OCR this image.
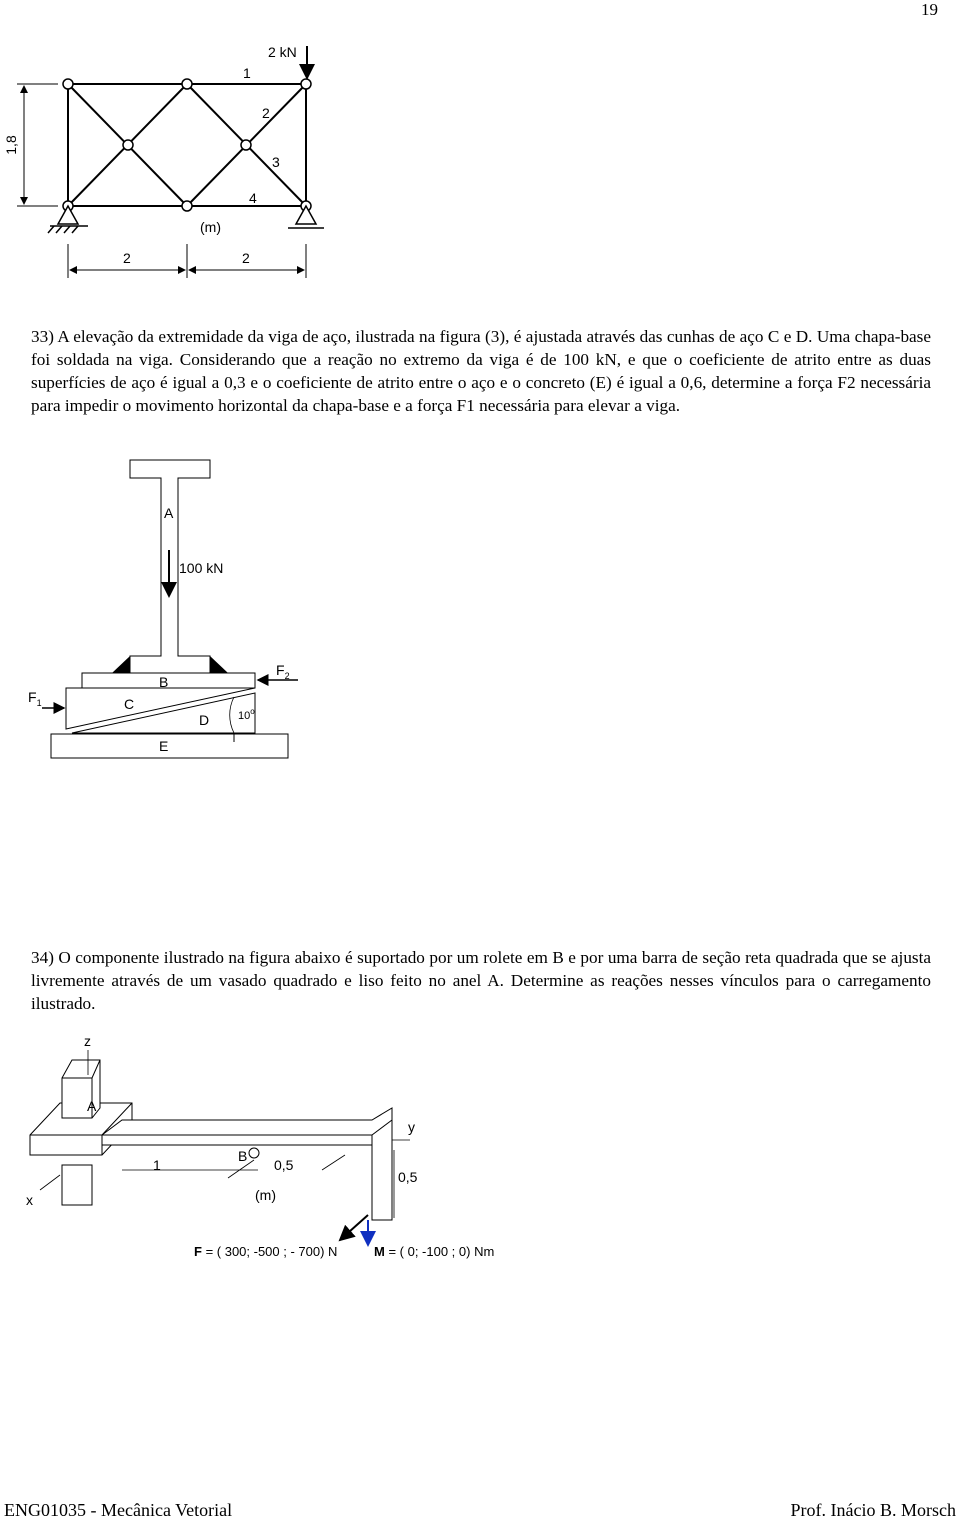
19
1,8
2 kN
1
2
3
4
(m)
2	2
33) A elevação da extremidade da viga de aço, ilustrada na figura (3), é ajustada através das cunhas de aço C e D. Uma chapa-base foi soldada na viga. Considerando que a reação no extremo da viga é de 100 kN, e que o coeficiente de atrito entre as duas superfícies de aço é igual a 0,3 e o coeficiente de atrito entre o aço e o concreto (E) é igual a 0,6, determine a força F2 necessária para impedir o movimento horizontal da chapa-base e a força F1 necessária para elevar a viga.
A
100 kN
B
C
D
E
$F_1$
$F_2$
10$^o$
34) O componente ilustrado na figura abaixo é suportado por um rolete em B e por uma barra de seção reta quadrada que se ajusta livremente através de um vasado quadrado e liso feito no anel A. Determine as reações nesses vínculos para o carregamento ilustrado.
z
y
x
A
B
1	0,5
0,5
(m)
F = ( 300; -500 ; - 700) N	M = ( 0; -100 ; 0) Nm
ENG01035 - Mecânica Vetorial	Prof. Inácio B. Morsch
